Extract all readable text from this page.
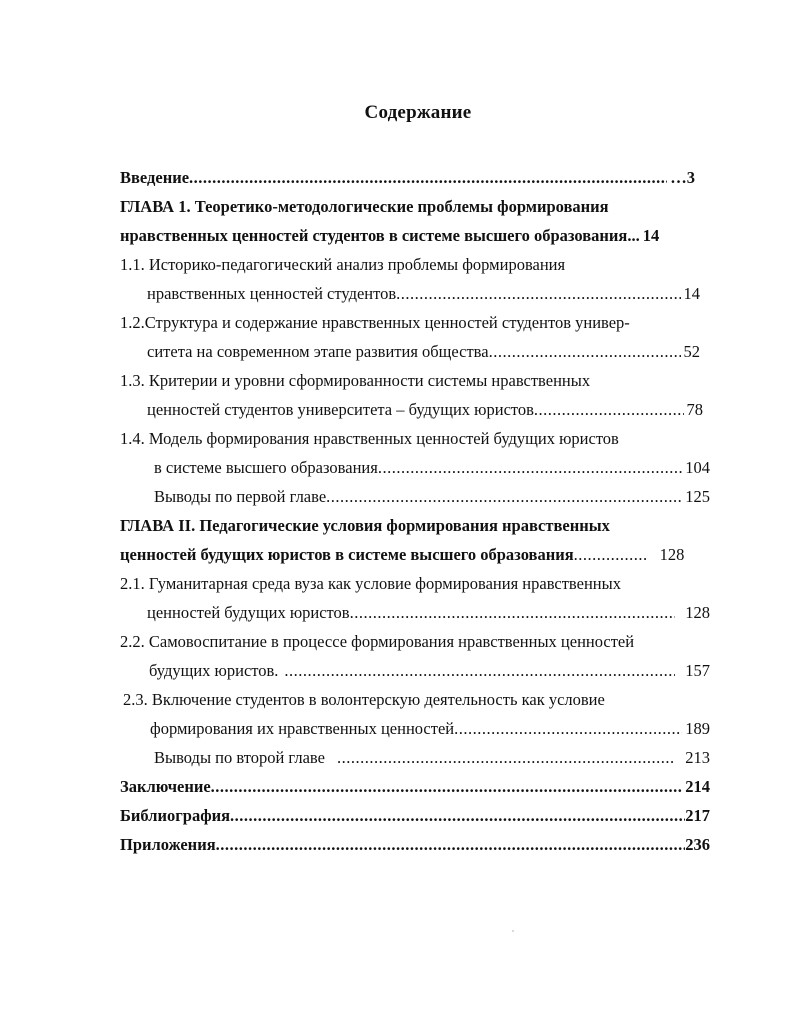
Содержание
Введение .....	…3
ГЛАВА 1. Теоретико-методологические проблемы формирования
нравственных ценностей студентов в системе высшего образования... 14
1.1. Историко-педагогический анализ проблемы формирования
нравственных ценностей студентов .....	14
1.2.Структура и содержание нравственных ценностей студентов универ-
ситета на современном этапе развития общества .....	52
1.3. Критерии и уровни сформированности системы нравственных
ценностей студентов университета – будущих юристов .....	78
1.4. Модель формирования нравственных ценностей будущих юристов
в системе высшего образования .....	104
Выводы по первой главе .....	125
ГЛАВА II. Педагогические условия формирования нравственных
ценностей будущих юристов в системе высшего образования .....	128
2.1. Гуманитарная среда вуза как условие формирования нравственных
ценностей будущих юристов .....	128
2.2. Самовоспитание в процессе формирования нравственных ценностей
будущих юристов. .....	157
2.3. Включение студентов в волонтерскую деятельность как условие
формирования их нравственных ценностей .....	189
Выводы по второй главе .....	213
Заключение .....	214
Библиография .....	217
Приложения .....	236
